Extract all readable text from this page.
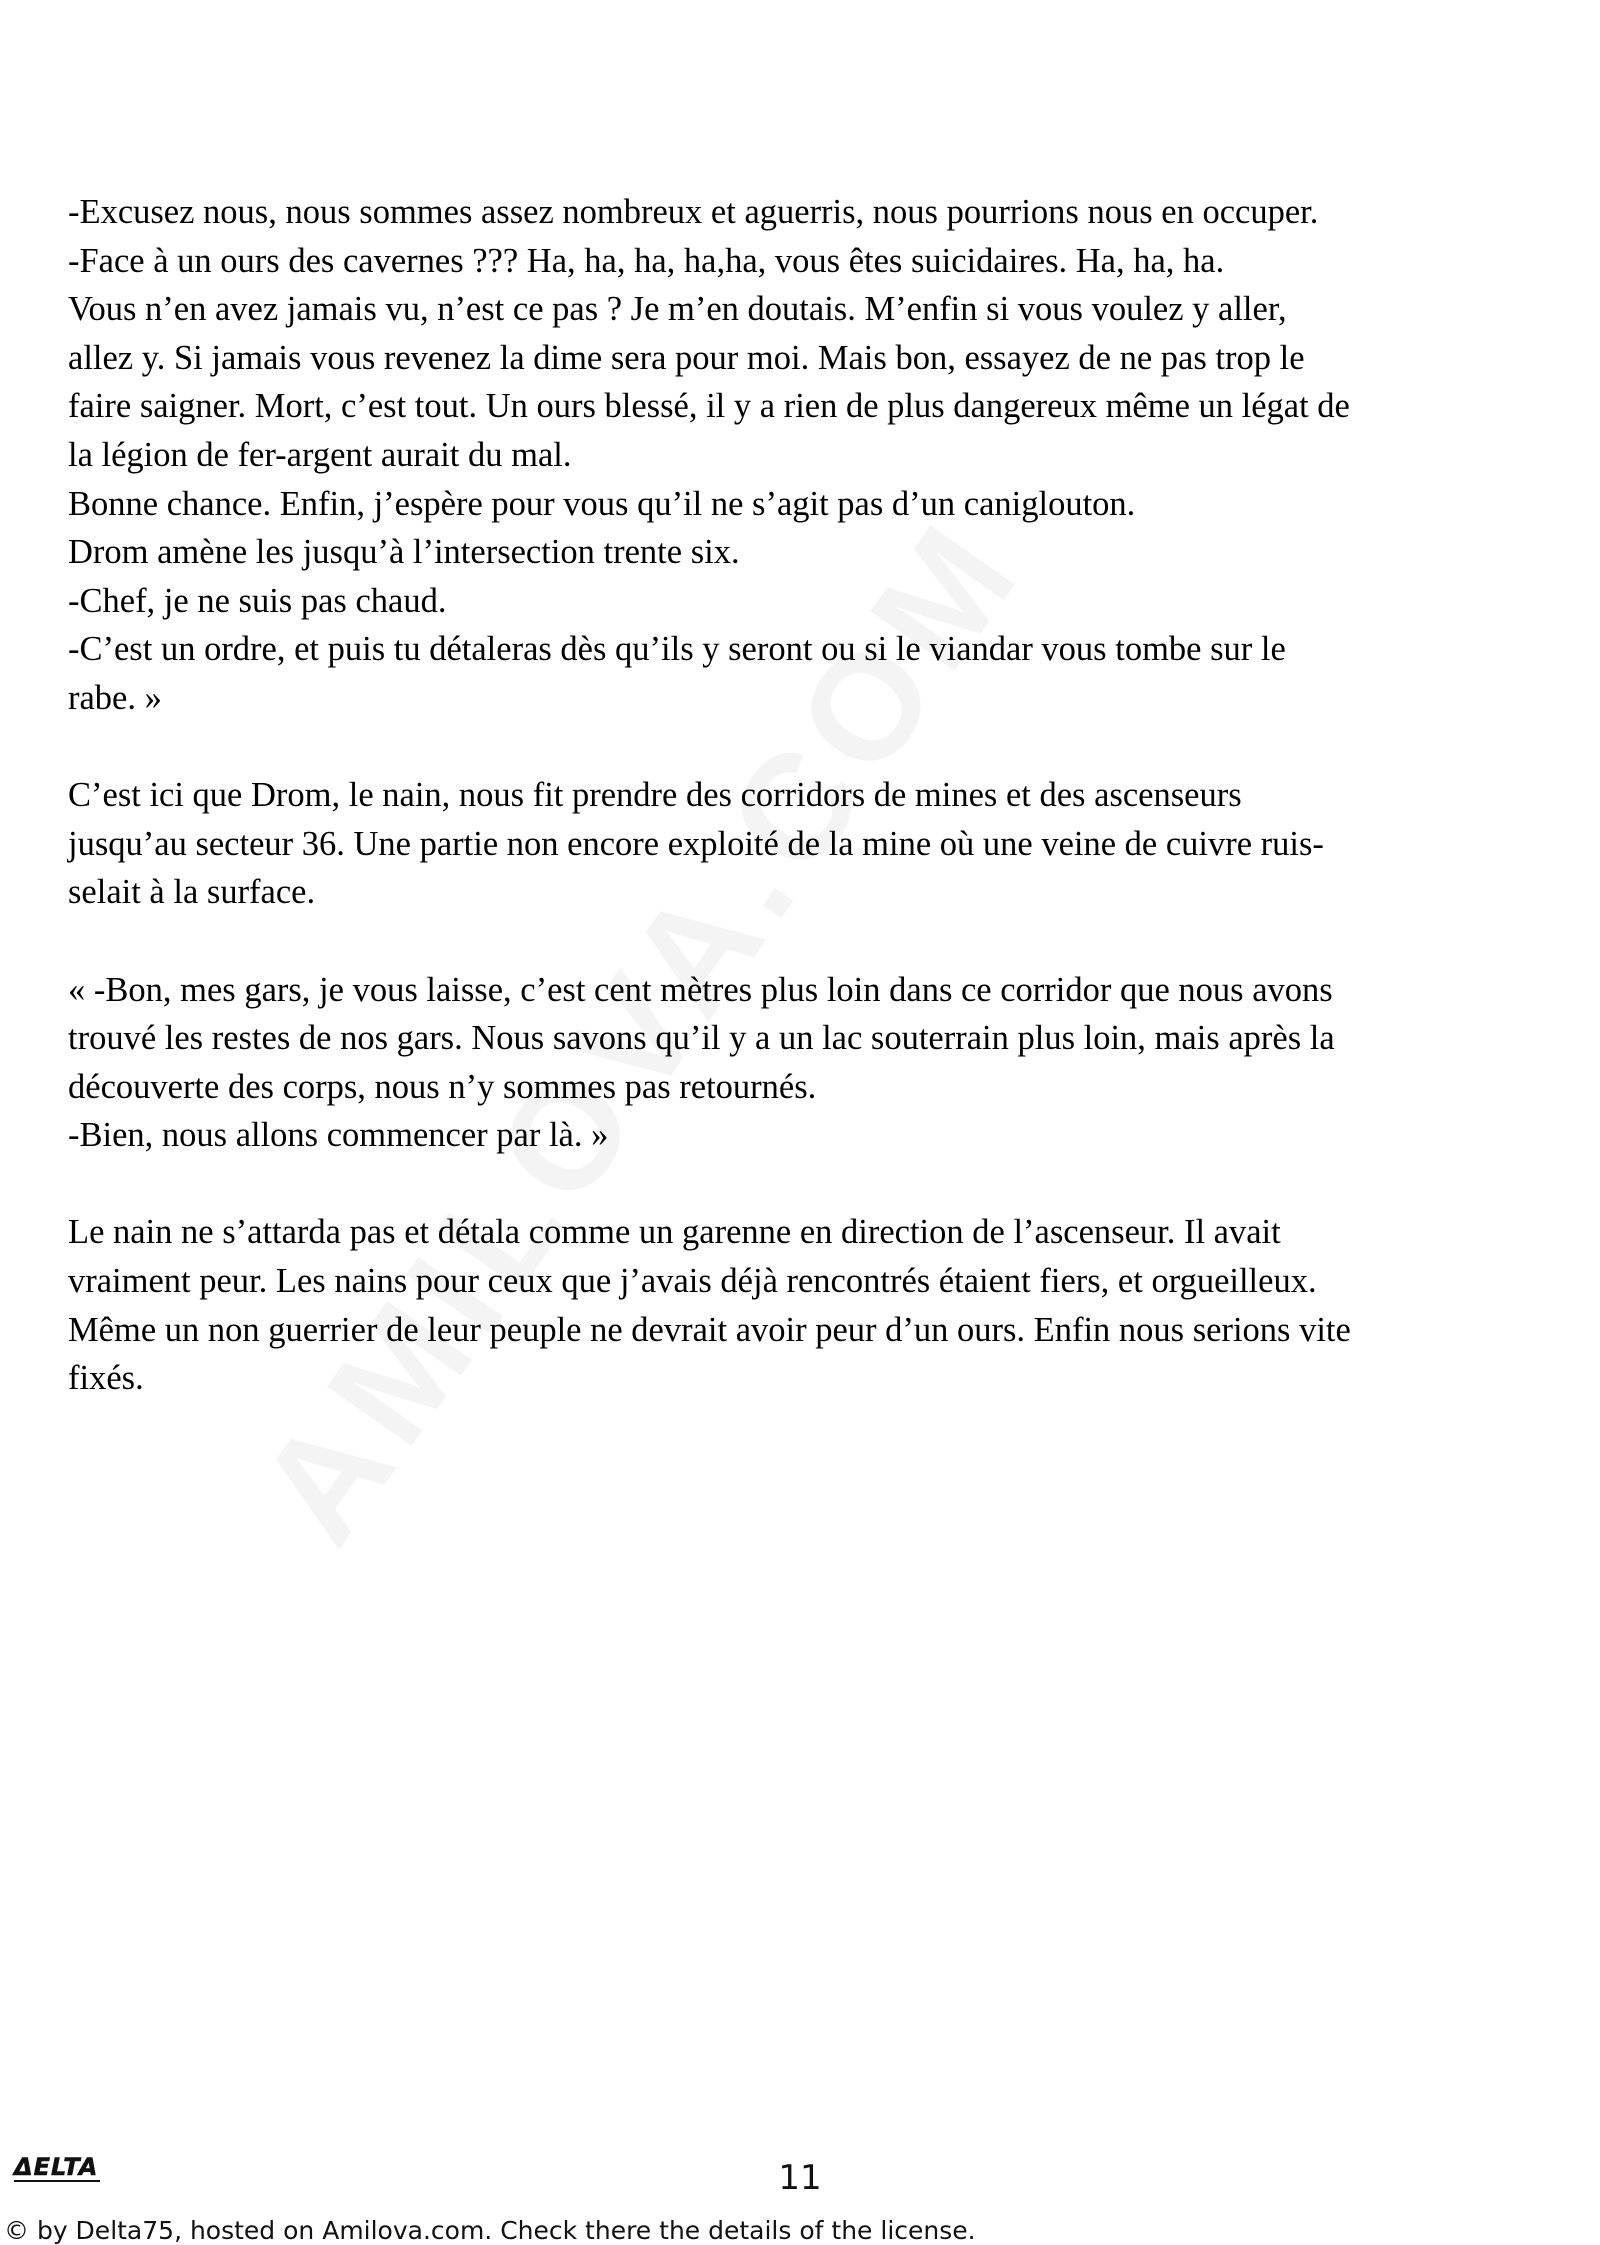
-Excusez nous, nous sommes assez nombreux et aguerris, nous pourrions nous en occuper.
-Face à un ours des cavernes ??? Ha, ha, ha, ha,ha, vous êtes suicidaires. Ha, ha, ha.
Vous n’en avez jamais vu, n’est ce pas ? Je m’en doutais. M’enfin si vous voulez y aller,
allez y. Si jamais vous revenez la dime sera pour moi. Mais bon, essayez de ne pas trop le
faire saigner. Mort, c’est tout. Un ours blessé, il y a rien de plus dangereux même un légat de
la légion de fer-argent aurait du mal.
Bonne chance. Enfin, j’espère pour vous qu’il ne s’agit pas d’un caniglouton.
Drom amène les jusqu’à l’intersection trente six.
-Chef, je ne suis pas chaud.
-C’est un ordre, et puis tu détaleras dès qu’ils y seront ou si le viandar vous tombe sur le
rabe. »
C’est ici que Drom, le nain, nous fit prendre des corridors de mines et des ascenseurs
jusqu’au secteur 36. Une partie non encore exploité de la mine où une veine de cuivre ruis-
selait à la surface.
« -Bon, mes gars, je vous laisse, c’est cent mètres plus loin dans ce corridor que nous avons
trouvé les restes de nos gars. Nous savons qu’il y a un lac souterrain plus loin, mais après la
découverte des corps, nous n’y sommes pas retournés.
-Bien, nous allons commencer par là. »
Le nain ne s’attarda pas et détala comme un garenne en direction de l’ascenseur. Il avait
vraiment peur. Les nains pour ceux que j’avais déjà rencontrés étaient fiers, et orgueilleux.
Même un non guerrier de leur peuple ne devrait avoir peur d’un ours. Enfin nous serions vite
fixés.
ΔELTA	11
© by Delta75, hosted on Amilova.com. Check there the details of the license.
